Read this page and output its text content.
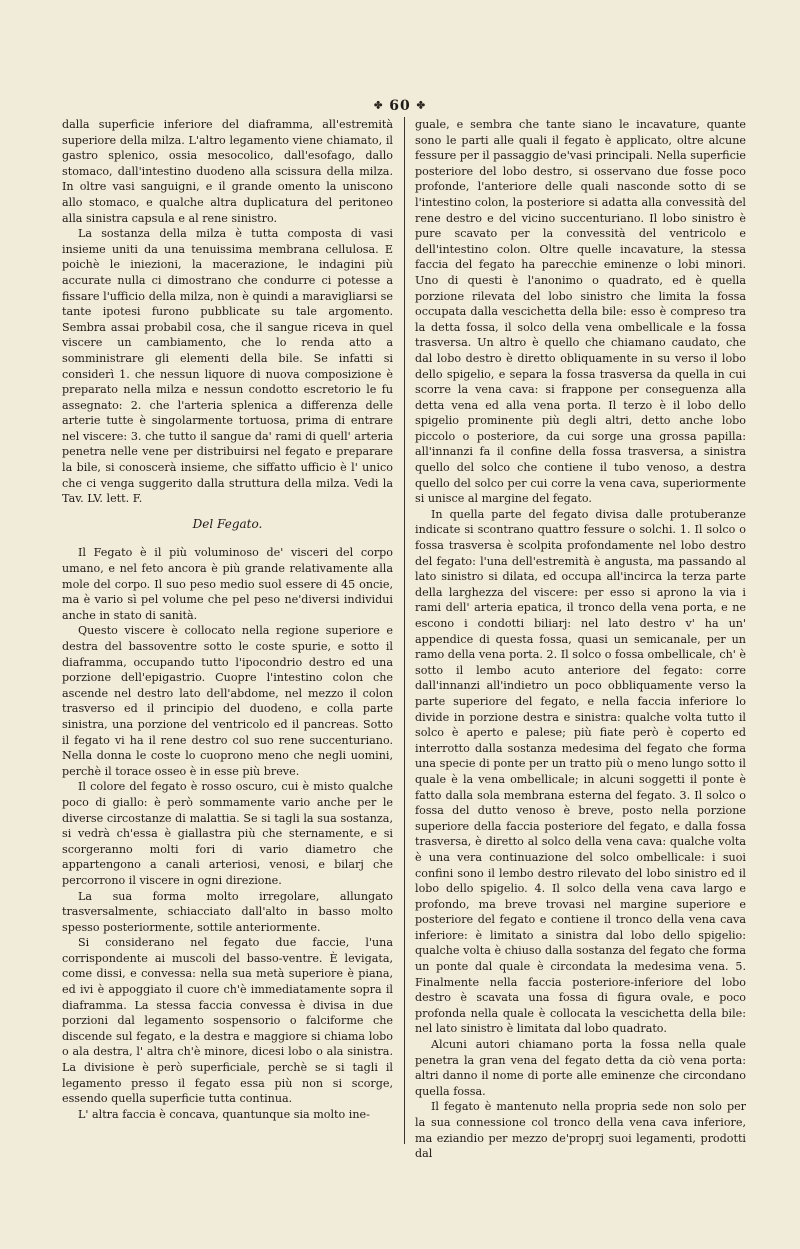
✤ 60 ✤

dalla superficie inferiore del diaframma, all'estremità superiore della milza. L'altro legamento viene chiamato, il gastro splenico, ossia mesocolico, dall'esofago, dallo stomaco, dall'intestino duodeno alla scissura della milza. In oltre vasi sanguigni, e il grande omento la uniscono allo stomaco, e qualche altra duplicatura del peritoneo alla sinistra capsula e al rene sinistro.

La sostanza della milza è tutta composta di vasi insieme uniti da una tenuissima membrana cellulosa. E poichè le iniezioni, la macerazione, le indagini più accurate nulla ci dimostrano che condurre ci potesse a fissare l'ufficio della milza, non è quindi a maravigliarsi se tante ipotesi furono pubblicate su tale argomento. Sembra assai probabil cosa, che il sangue riceva in quel viscere un cambiamento, che lo renda atto a somministrare gli elementi della bile. Se infatti si considerì 1. che nessun liquore di nuova composizione è preparato nella milza e nessun condotto escretorio le fu assegnato: 2. che l'arteria splenica a differenza delle arterie tutte è singolarmente tortuosa, prima di entrare nel viscere: 3. che tutto il sangue da' rami di quell' arteria penetra nelle vene per distribuirsi nel fegato e preparare la bile, si conoscerà insieme, che siffatto ufficio è l' unico che ci venga suggerito dalla struttura della milza. Vedi la Tav. LV. lett. F.

Del Fegato.

Il Fegato è il più voluminoso de' visceri del corpo umano, e nel feto ancora è più grande relativamente alla mole del corpo. Il suo peso medio suol essere di 45 oncie, ma è vario sì pel volume che pel peso ne'diversi individui anche in stato di sanità.

Questo viscere è collocato nella regione superiore e destra del bassoventre sotto le coste spurie, e sotto il diaframma, occupando tutto l'ipocondrio destro ed una porzione dell'epigastrio. Cuopre l'intestino colon che ascende nel destro lato dell'abdome, nel mezzo il colon trasverso ed il principio del duodeno, e colla parte sinistra, una porzione del ventricolo ed il pancreas. Sotto il fegato vi ha il rene destro col suo rene succenturiano. Nella donna le coste lo cuoprono meno che negli uomini, perchè il torace osseo è in esse più breve.

Il colore del fegato è rosso oscuro, cui è misto qualche poco di giallo: è però sommamente vario anche per le diverse circostanze di malattia. Se si tagli la sua sostanza, si vedrà ch'essa è giallastra più che sternamente, e si scorgeranno molti fori di vario diametro che appartengono a canali arteriosi, venosi, e bilarj che percorrono il viscere in ogni direzione.

La sua forma molto irregolare, allungato trasversalmente, schiacciato dall'alto in basso molto spesso posteriormente, sottile anteriormente.

Si considerano nel fegato due faccie, l'una corrispondente ai muscoli del basso-ventre. È levigata, come dissi, e convessa: nella sua metà superiore è piana, ed ivi è appoggiato il cuore ch'è immediatamente sopra il diaframma. La stessa faccia convessa è divisa in due porzioni dal legamento sospensorio o falciforme che discende sul fegato, e la destra e maggiore si chiama lobo o ala destra, l' altra ch'è minore, dicesi lobo o ala sinistra. La divisione è però superficiale, perchè se si tagli il legamento presso il fegato essa più non si scorge, essendo quella superficie tutta continua.

L' altra faccia è concava, quantunque sia molto ine-

guale, e sembra che tante siano le incavature, quante sono le parti alle quali il fegato è applicato, oltre alcune fessure per il passaggio de'vasi principali. Nella superficie posteriore del lobo destro, si osservano due fosse poco profonde, l'anteriore delle quali nasconde sotto di se l'intestino colon, la posteriore si adatta alla convessità del rene destro e del vicino succenturiano. Il lobo sinistro è pure scavato per la convessità del ventricolo e dell'intestino colon. Oltre quelle incavature, la stessa faccia del fegato ha parecchie eminenze o lobi minori. Uno di questi è l'anonimo o quadrato, ed è quella porzione rilevata del lobo sinistro che limita la fossa occupata dalla vescichetta della bile: esso è compreso tra la detta fossa, il solco della vena ombellicale e la fossa trasversa. Un altro è quello che chiamano caudato, che dal lobo destro è diretto obliquamente in su verso il lobo dello spigelio, e separa la fossa trasversa da quella in cui scorre la vena cava: si frappone per conseguenza alla detta vena ed alla vena porta. Il terzo è il lobo dello spigelio prominente più degli altri, detto anche lobo piccolo o posteriore, da cui sorge una grossa papilla: all'innanzi fa il confine della fossa trasversa, a sinistra quello del solco che contiene il tubo venoso, a destra quello del solco per cui corre la vena cava, superiormente si unisce al margine del fegato.

In quella parte del fegato divisa dalle protuberanze indicate si scontrano quattro fessure o solchi. 1. Il solco o fossa trasversa è scolpita profondamente nel lobo destro del fegato: l'una dell'estremità è angusta, ma passando al lato sinistro si dilata, ed occupa all'incirca la terza parte della larghezza del viscere: per esso si aprono la via i rami dell' arteria epatica, il tronco della vena porta, e ne escono i condotti biliarj: nel lato destro v' ha un' appendice di questa fossa, quasi un semicanale, per un ramo della vena porta. 2. Il solco o fossa ombellicale, ch' è sotto il lembo acuto anteriore del fegato: corre dall'innanzi all'indietro un poco obbliquamente verso la parte superiore del fegato, e nella faccia inferiore lo divide in porzione destra e sinistra: qualche volta tutto il solco è aperto e palese; più fiate però è coperto ed interrotto dalla sostanza medesima del fegato che forma una specie di ponte per un tratto più o meno lungo sotto il quale è la vena ombellicale; in alcuni soggetti il ponte è fatto dalla sola membrana esterna del fegato. 3. Il solco o fossa del dutto venoso è breve, posto nella porzione superiore della faccia posteriore del fegato, e dalla fossa trasversa, è diretto al solco della vena cava: qualche volta è una vera continuazione del solco ombellicale: i suoi confini sono il lembo destro rilevato del lobo sinistro ed il lobo dello spigelio. 4. Il solco della vena cava largo e profondo, ma breve trovasi nel margine superiore e posteriore del fegato e contiene il tronco della vena cava inferiore: è limitato a sinistra dal lobo dello spigelio: qualche volta è chiuso dalla sostanza del fegato che forma un ponte dal quale è circondata la medesima vena. 5. Finalmente nella faccia posteriore-inferiore del lobo destro è scavata una fossa di figura ovale, e poco profonda nella quale è collocata la vescichetta della bile: nel lato sinistro è limitata dal lobo quadrato.

Alcuni autori chiamano porta la fossa nella quale penetra la gran vena del fegato detta da ciò vena porta: altri danno il nome di porte alle eminenze che circondano quella fossa.

Il fegato è mantenuto nella propria sede non solo per la sua connessione col tronco della vena cava inferiore, ma eziandio per mezzo de'proprj suoi legamenti, prodotti dal
